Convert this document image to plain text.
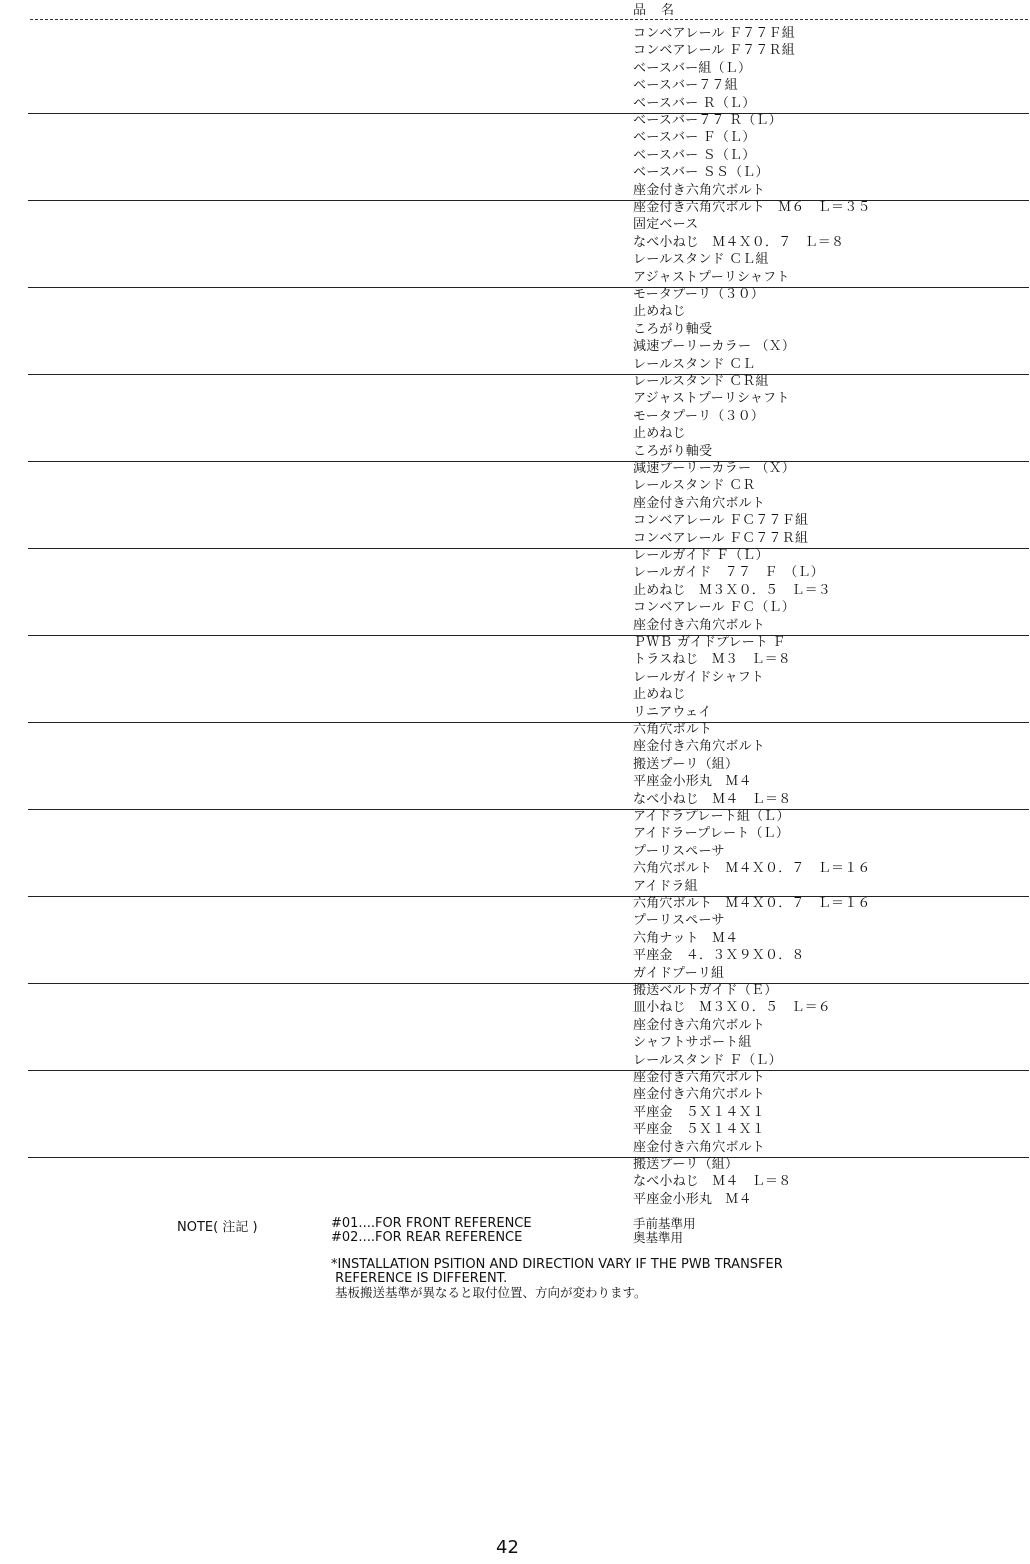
品　名
コンベアレール Ｆ７７Ｆ組
コンベアレール Ｆ７７Ｒ組
ベースバー組（Ｌ）
ベースバー７７組
ベースバー Ｒ（Ｌ）
ベースバー７７ Ｒ（Ｌ）
ベースバー Ｆ（Ｌ）
ベースバー Ｓ（Ｌ）
ベースバー ＳＳ（Ｌ）
座金付き六角穴ボルト
座金付き六角穴ボルト　Ｍ６　Ｌ＝３５
固定ベース
なべ小ねじ　Ｍ４Ｘ０．７　Ｌ＝８
レールスタンド ＣＬ組
アジャストプーリシャフト
モータプーリ（３０）
止めねじ
ころがり軸受
減速プーリーカラー （Ｘ）
レールスタンド ＣＬ
レールスタンド ＣＲ組
アジャストプーリシャフト
モータプーリ（３０）
止めねじ
ころがり軸受
減速プーリーカラー （Ｘ）
レールスタンド ＣＲ
座金付き六角穴ボルト
コンベアレール ＦＣ７７Ｆ組
コンベアレール ＦＣ７７Ｒ組
レールガイド Ｆ（Ｌ）
レールガイド　７７　Ｆ　（Ｌ）
止めねじ　Ｍ３Ｘ０．５　Ｌ＝３
コンベアレール ＦＣ（Ｌ）
座金付き六角穴ボルト
ＰＷＢ ガイドプレート Ｆ
トラスねじ　Ｍ３　Ｌ＝８
レールガイドシャフト
止めねじ
リニアウェイ
六角穴ボルト
座金付き六角穴ボルト
搬送プーリ（組）
平座金小形丸　Ｍ４
なべ小ねじ　Ｍ４　Ｌ＝８
アイドラプレート組（Ｌ）
アイドラープレート（Ｌ）
プーリスペーサ
六角穴ボルト　Ｍ４Ｘ０．７　Ｌ＝１６
アイドラ組
六角穴ボルト　Ｍ４Ｘ０．７　Ｌ＝１６
プーリスペーサ
六角ナット　Ｍ４
平座金　４．３Ｘ９Ｘ０．８
ガイドプーリ組
搬送ベルトガイド（Ｅ）
皿小ねじ　Ｍ３Ｘ０．５　Ｌ＝６
座金付き六角穴ボルト
シャフトサポート組
レールスタンド Ｆ（Ｌ）
座金付き六角穴ボルト
座金付き六角穴ボルト
平座金　５Ｘ１４Ｘ１
平座金　５Ｘ１４Ｘ１
座金付き六角穴ボルト
搬送プーリ（組）
なべ小ねじ　Ｍ４　Ｌ＝８
平座金小形丸　Ｍ４
NOTE( 注記 )	#01....FOR FRONT REFERENCE	手前基準用
#02....FOR REAR REFERENCE	奥基準用
*INSTALLATION PSITION AND DIRECTION VARY IF THE PWB TRANSFER
REFERENCE IS DIFFERENT.
基板搬送基準が異なると取付位置、方向が変わります。
42
